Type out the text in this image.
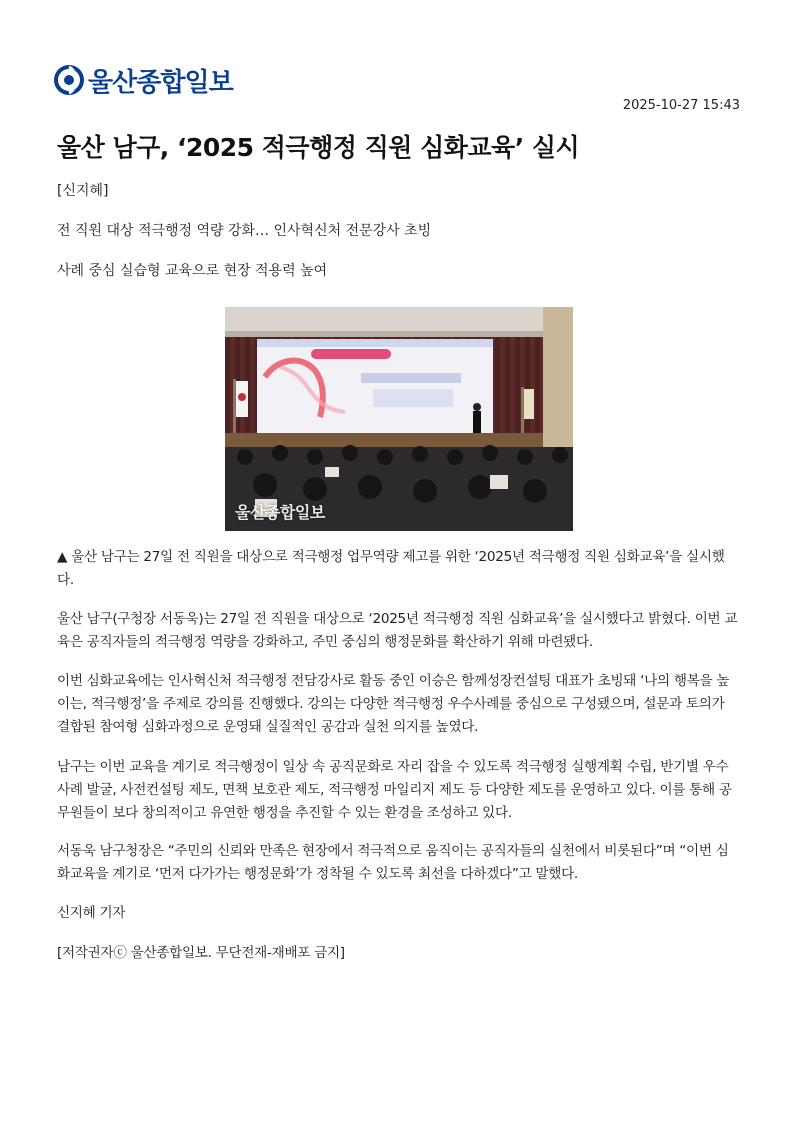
울산종합일보
2025-10-27 15:43
울산 남구, ‘2025 적극행정 직원 심화교육’ 실시

[신지혜]

전 직원 대상 적극행정 역량 강화… 인사혁신처 전문강사 초빙

사례 중심 실습형 교육으로 현장 적용력 높여

울산종합일보

▲ 울산 남구는 27일 전 직원을 대상으로 적극행정 업무역량 제고를 위한 ‘2025년 적극행정 직원 심화교육’을 실시했다.

울산 남구(구청장 서동욱)는 27일 전 직원을 대상으로 ‘2025년 적극행정 직원 심화교육’을 실시했다고 밝혔다. 이번 교육은 공직자들의 적극행정 역량을 강화하고, 주민 중심의 행정문화를 확산하기 위해 마련됐다.

이번 심화교육에는 인사혁신처 적극행정 전담강사로 활동 중인 이승은 함께성장컨설팅 대표가 초빙돼 ‘나의 행복을 높이는, 적극행정’을 주제로 강의를 진행했다. 강의는 다양한 적극행정 우수사례를 중심으로 구성됐으며, 설문과 토의가 결합된 참여형 심화과정으로 운영돼 실질적인 공감과 실천 의지를 높였다.

남구는 이번 교육을 계기로 적극행정이 일상 속 공직문화로 자리 잡을 수 있도록 적극행정 실행계획 수립, 반기별 우수사례 발굴, 사전컨설팅 제도, 면책 보호관 제도, 적극행정 마일리지 제도 등 다양한 제도를 운영하고 있다. 이를 통해 공무원들이 보다 창의적이고 유연한 행정을 추진할 수 있는 환경을 조성하고 있다.

서동욱 남구청장은 “주민의 신뢰와 만족은 현장에서 적극적으로 움직이는 공직자들의 실천에서 비롯된다”며 “이번 심화교육을 계기로 ‘먼저 다가가는 행정문화’가 정착될 수 있도록 최선을 다하겠다”고 말했다.

신지혜 기자

[저작권자ⓒ 울산종합일보. 무단전재-재배포 금지]
